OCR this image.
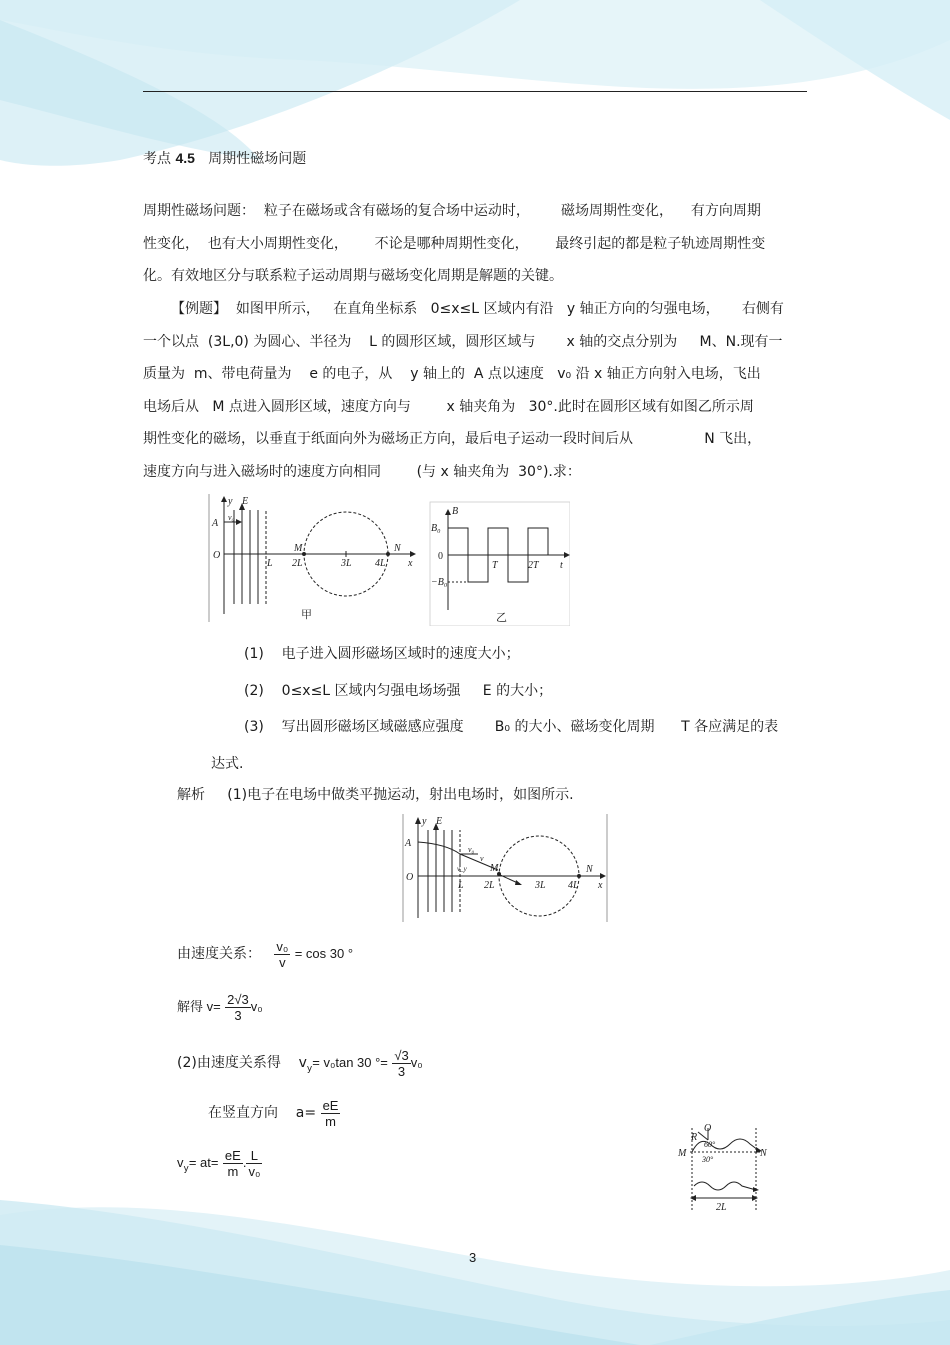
考点 4.5 周期性磁场问题
周期性磁场问题：  粒子在磁场或含有磁场的复合场中运动时，       磁场周期性变化，    有方向周期
性变化，  也有大小周期性变化，      不论是哪种周期性变化，      最终引起的都是粒子轨迹周期性变
化。有效地区分与联系粒子运动周期与磁场变化周期是解题的关键。
【例题】  如图甲所示，   在直角坐标系   0≤x≤L 区域内有沿   y 轴正方向的匀强电场，     右侧有
一个以点  (3L,0) 为圆心、半径为    L 的圆形区域，圆形区域与       x 轴的交点分别为     M、N.现有一
质量为  m、带电荷量为    e 的电子，从    y 轴上的  A 点以速度   v₀ 沿 x 轴正方向射入电场，飞出
电场后从   M 点进入圆形区域，速度方向与        x 轴夹角为   30°.此时在圆形区域有如图乙所示周
期性变化的磁场，以垂直于纸面向外为磁场正方向，最后电子运动一段时间后从                N 飞出，
速度方向与进入磁场时的速度方向相同        (与 x 轴夹角为  30°).求：
y E
A
v₀
O
L
M
2L	3L 4L
N
x
甲
B
B₀
0
−B₀
T	2T t
乙
(1) 电子进入圆形磁场区域时的速度大小；
(2) 0≤x≤L 区域内匀强电场场强     E 的大小；
(3) 写出圆形磁场区域磁感应强度       B₀ 的大小、磁场变化周期      T 各应满足的表
达式.
解析 (1)电子在电场中做类平抛运动，射出电场时，如图所示.
y E
A
v₀
v
v_y
O
L
M
2L	3L 4L
N
x
由速度关系： $\frac{\text{v₀}}{v} = \cos 30$ °
解得 $v= \frac{2√3}{3} v_0$
(2)由速度关系得    $v_y= v_0\tan$ 30 °= $\frac{√3}{3} v_0$
在竖直方向    $a= \frac{eE}{m}$
$v_y= at= \frac{eE}{m}$ . $\frac{L}{\text{v₀}}$
O
R
60°
30°
M	N
2L
3
